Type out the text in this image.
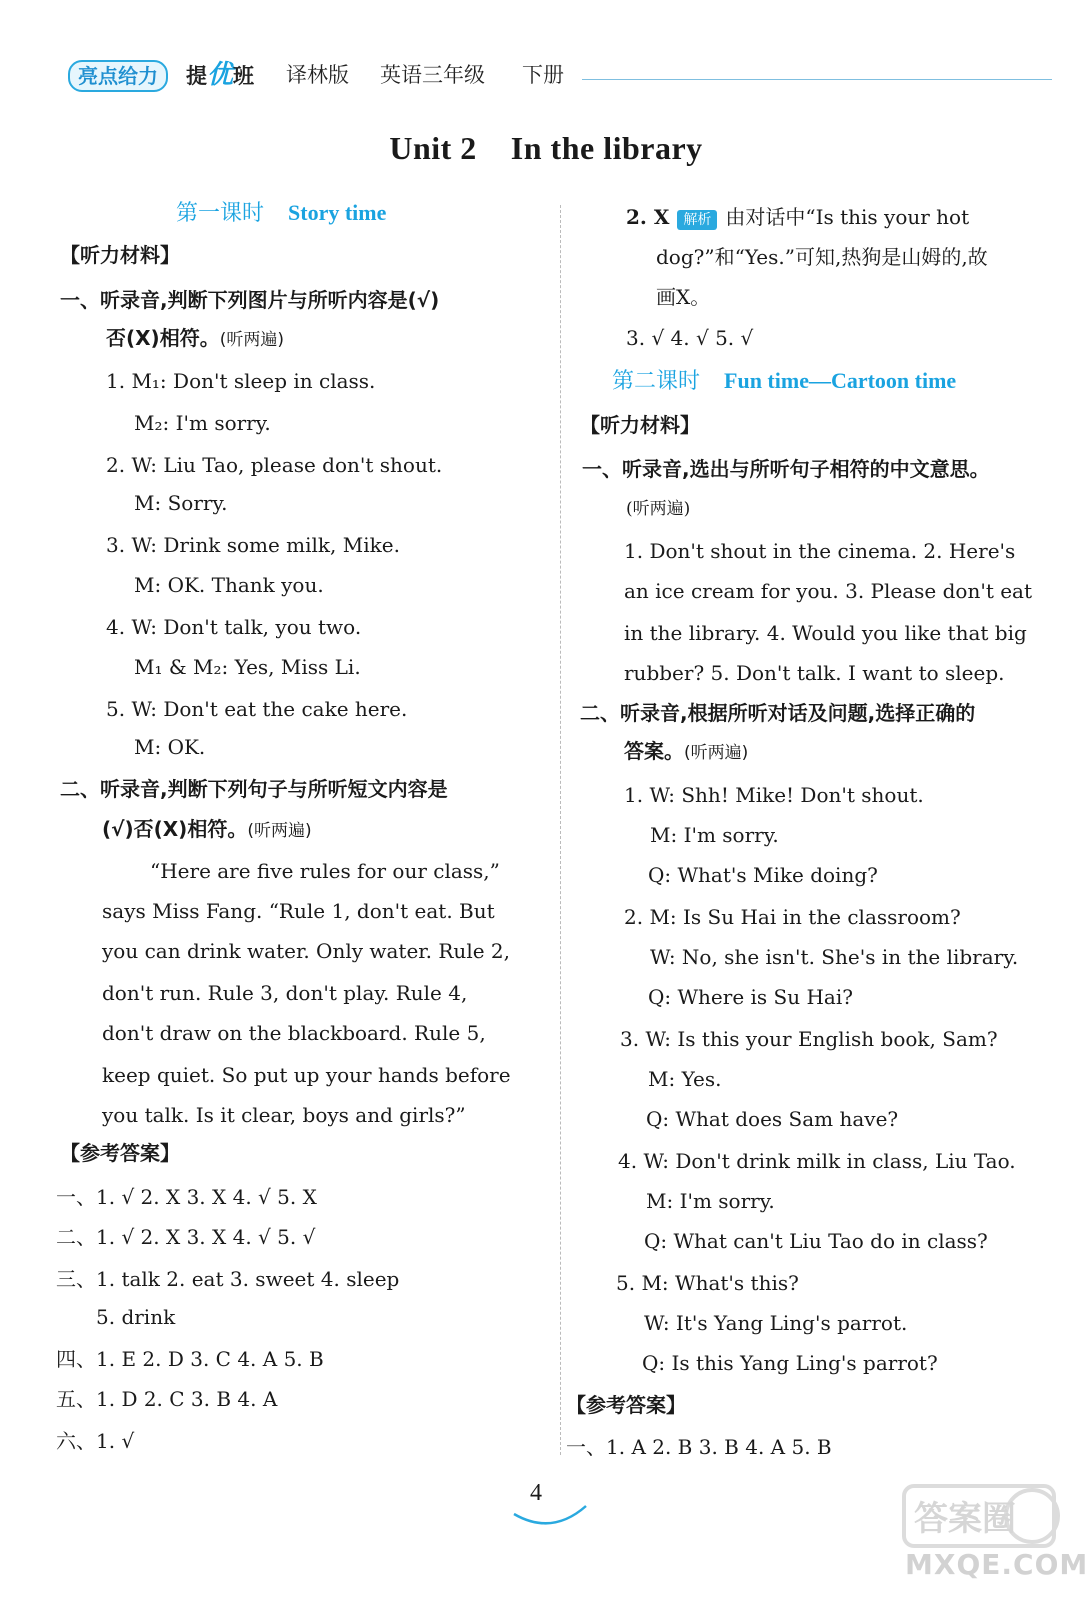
亮点给力	提优班 译林版 英语三年级 下册
Unit 2 In the library
第一课时 Story time
【听力材料】
一、听录音,判断下列图片与所听内容是(√)
否(X)相符。(听两遍)
1. M₁: Don't sleep in class.
M₂: I'm sorry.
2. W: Liu Tao, please don't shout.
M: Sorry.
3. W: Drink some milk, Mike.
M: OK. Thank you.
4. W: Don't talk, you two.
M₁ & M₂: Yes, Miss Li.
5. W: Don't eat the cake here.
M: OK.
二、听录音,判断下列句子与所听短文内容是
(√)否(X)相符。(听两遍)
“Here are five rules for our class,”
says Miss Fang. “Rule 1, don't eat. But
you can drink water. Only water. Rule 2,
don't run. Rule 3, don't play. Rule 4,
don't draw on the blackboard. Rule 5,
keep quiet. So put up your hands before
you talk. Is it clear, boys and girls?”
【参考答案】
一、1. √ 2. X 3. X 4. √ 5. X
二、1. √ 2. X 3. X 4. √ 5. √
三、1. talk 2. eat 3. sweet 4. sleep
5. drink
四、1. E 2. D 3. C 4. A 5. B
五、1. D 2. C 3. B 4. A
六、1. √
2. X 解析 由对话中“Is this your hot
dog?”和“Yes.”可知,热狗是山姆的,故
画X。
3. √ 4. √ 5. √
第二课时 Fun time—Cartoon time
【听力材料】
一、听录音,选出与所听句子相符的中文意思。
(听两遍)
1. Don't shout in the cinema. 2. Here's
an ice cream for you. 3. Please don't eat
in the library. 4. Would you like that big
rubber? 5. Don't talk. I want to sleep.
二、听录音,根据所听对话及问题,选择正确的
答案。(听两遍)
1. W: Shh! Mike! Don't shout.
M: I'm sorry.
Q: What's Mike doing?
2. M: Is Su Hai in the classroom?
W: No, she isn't. She's in the library.
Q: Where is Su Hai?
3. W: Is this your English book, Sam?
M: Yes.
Q: What does Sam have?
4. W: Don't drink milk in class, Liu Tao.
M: I'm sorry.
Q: What can't Liu Tao do in class?
5. M: What's this?
W: It's Yang Ling's parrot.
Q: Is this Yang Ling's parrot?
【参考答案】
一、1. A 2. B 3. B 4. A 5. B
4
答案圈
MXQE.COM
